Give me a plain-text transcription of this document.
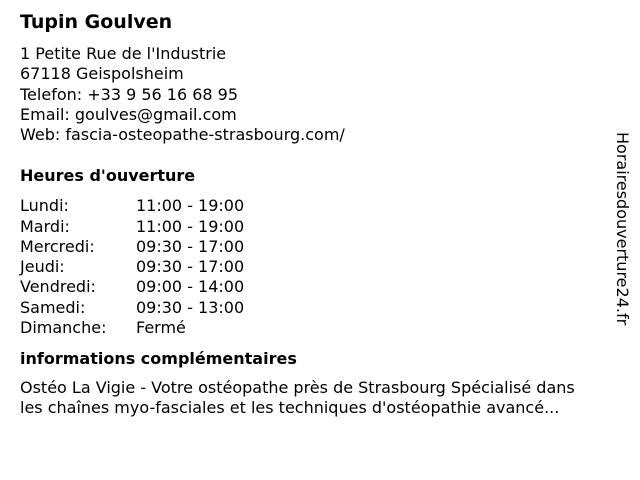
Tupin Goulven
1 Petite Rue de l'Industrie
67118 Geispolsheim
Telefon: +33 9 56 16 68 95
Email: goulves@gmail.com
Web: fascia-osteopathe-strasbourg.com/
Heures d'ouverture
Lundi:	11:00 - 19:00
Mardi:	11:00 - 19:00
Mercredi:	09:30 - 17:00
Jeudi:	09:30 - 17:00
Vendredi:	09:00 - 14:00
Samedi:	09:30 - 13:00
Dimanche:	Fermé
informations complémentaires
Ostéo La Vigie - Votre ostéopathe près de Strasbourg Spécialisé dans
les chaînes myo-fasciales et les techniques d'ostéopathie avancé...
Horairesdouverture24.fr
